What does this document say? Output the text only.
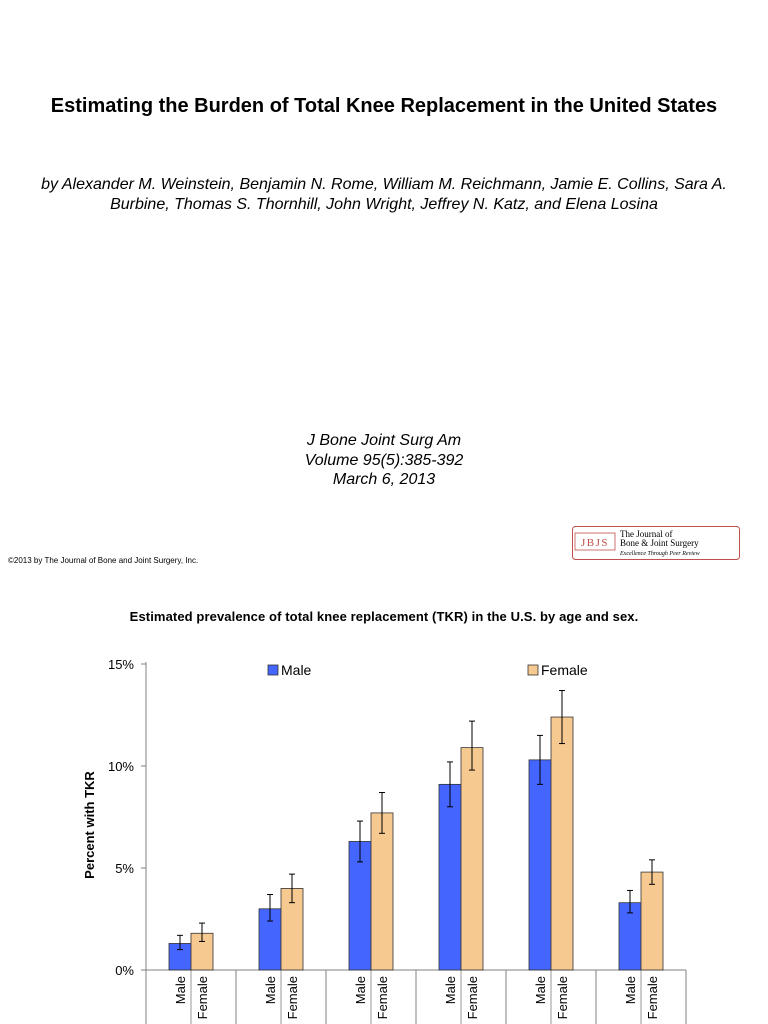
Estimating the Burden of Total Knee Replacement in the United States
by Alexander M. Weinstein, Benjamin N. Rome, William M. Reichmann, Jamie E. Collins, Sara A. Burbine, Thomas S. Thornhill, John Wright, Jeffrey N. Katz, and Elena Losina
J Bone Joint Surg Am
Volume 95(5):385-392
March 6, 2013
©2013 by The Journal of Bone and Joint Surgery, Inc.
JBJS
The Journal of
Bone & Joint Surgery
Excellence Through Peer Review
Estimated prevalence of total knee replacement (TKR) in the U.S. by age and sex.
0%
5%
10%
15%
Percent with TKR
Male	Male	Male	Male	Male	Male
Female	Female	Female	Female	Female	Female
Male	Female
